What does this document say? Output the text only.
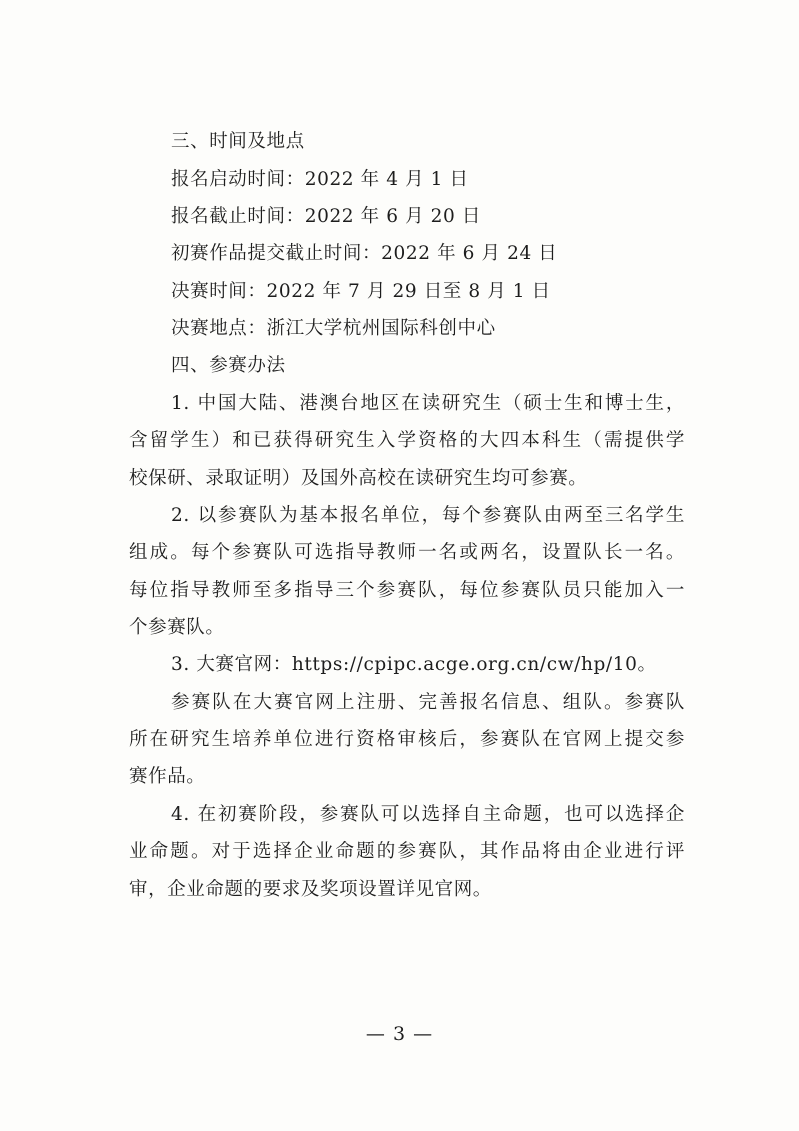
三、时间及地点
报名启动时间：2022 年 4 月 1 日
报名截止时间：2022 年 6 月 20 日
初赛作品提交截止时间：2022 年 6 月 24 日
决赛时间：2022 年 7 月 29 日至 8 月 1 日
决赛地点：浙江大学杭州国际科创中心
四、参赛办法
1. 中国大陆、港澳台地区在读研究生（硕士生和博士生，
含留学生）和已获得研究生入学资格的大四本科生（需提供学
校保研、录取证明）及国外高校在读研究生均可参赛。
2. 以参赛队为基本报名单位，每个参赛队由两至三名学生
组成。每个参赛队可选指导教师一名或两名，设置队长一名。
每位指导教师至多指导三个参赛队，每位参赛队员只能加入一
个参赛队。
3. 大赛官网：https://cpipc.acge.org.cn/cw/hp/10。
参赛队在大赛官网上注册、完善报名信息、组队。参赛队
所在研究生培养单位进行资格审核后，参赛队在官网上提交参
赛作品。
4. 在初赛阶段，参赛队可以选择自主命题，也可以选择企
业命题。对于选择企业命题的参赛队，其作品将由企业进行评
审，企业命题的要求及奖项设置详见官网。
— 3 —
